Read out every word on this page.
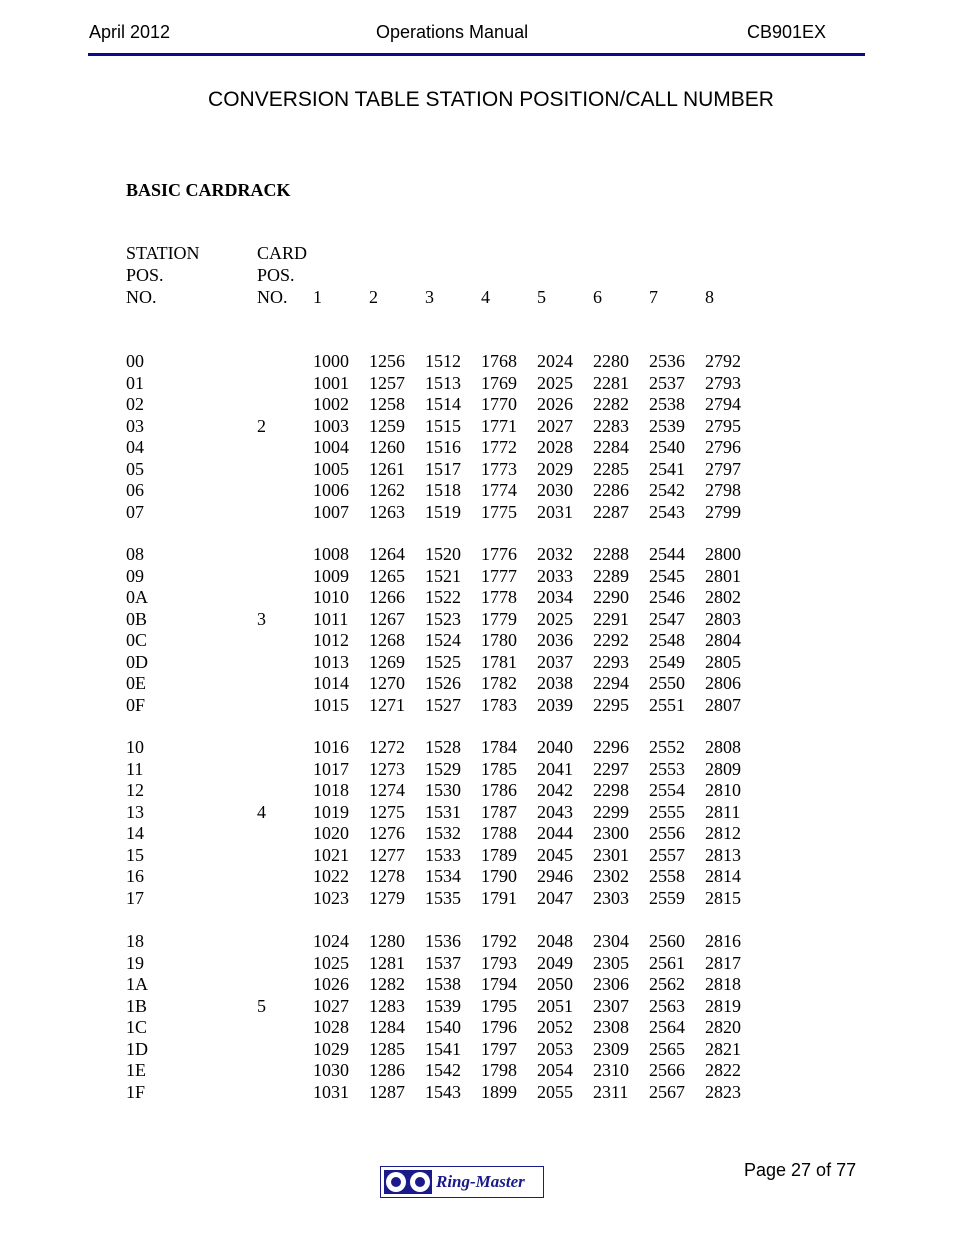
April 2012	Operations Manual	CB901EX
CONVERSION TABLE STATION POSITION/CALL NUMBER
BASIC CARDRACK
STATION	CARD
POS.	POS.
NO.	NO. 1	2	3	4	5	6	7	8
00	1000 1256 1512 1768 2024 2280 2536 2792
01	1001 1257 1513 1769 2025 2281 2537 2793
02	1002 1258 1514 1770 2026 2282 2538 2794
03	2	1003 1259 1515 1771 2027 2283 2539 2795
04	1004 1260 1516 1772 2028 2284 2540 2796
05	1005 1261 1517 1773 2029 2285 2541 2797
06	1006 1262 1518 1774 2030 2286 2542 2798
07	1007 1263 1519 1775 2031 2287 2543 2799
08	1008 1264 1520 1776 2032 2288 2544 2800
09	1009 1265 1521 1777 2033 2289 2545 2801
0A	1010 1266 1522 1778 2034 2290 2546 2802
0B	3	1011 1267 1523 1779 2025 2291 2547 2803
0C	1012 1268 1524 1780 2036 2292 2548 2804
0D	1013 1269 1525 1781 2037 2293 2549 2805
0E	1014 1270 1526 1782 2038 2294 2550 2806
0F	1015 1271 1527 1783 2039 2295 2551 2807
10	1016 1272 1528 1784 2040 2296 2552 2808
11	1017 1273 1529 1785 2041 2297 2553 2809
12	1018 1274 1530 1786 2042 2298 2554 2810
13	4	1019 1275 1531 1787 2043 2299 2555 2811
14	1020 1276 1532 1788 2044 2300 2556 2812
15	1021 1277 1533 1789 2045 2301 2557 2813
16	1022 1278 1534 1790 2946 2302 2558 2814
17	1023 1279 1535 1791 2047 2303 2559 2815
18	1024 1280 1536 1792 2048 2304 2560 2816
19	1025 1281 1537 1793 2049 2305 2561 2817
1A	1026 1282 1538 1794 2050 2306 2562 2818
1B	5	1027 1283 1539 1795 2051 2307 2563 2819
1C	1028 1284 1540 1796 2052 2308 2564 2820
1D	1029 1285 1541 1797 2053 2309 2565 2821
1E	1030 1286 1542 1798 2054 2310 2566 2822
1F	1031 1287 1543 1899 2055 2311 2567 2823
Page 27 of 77
Ring-Master
